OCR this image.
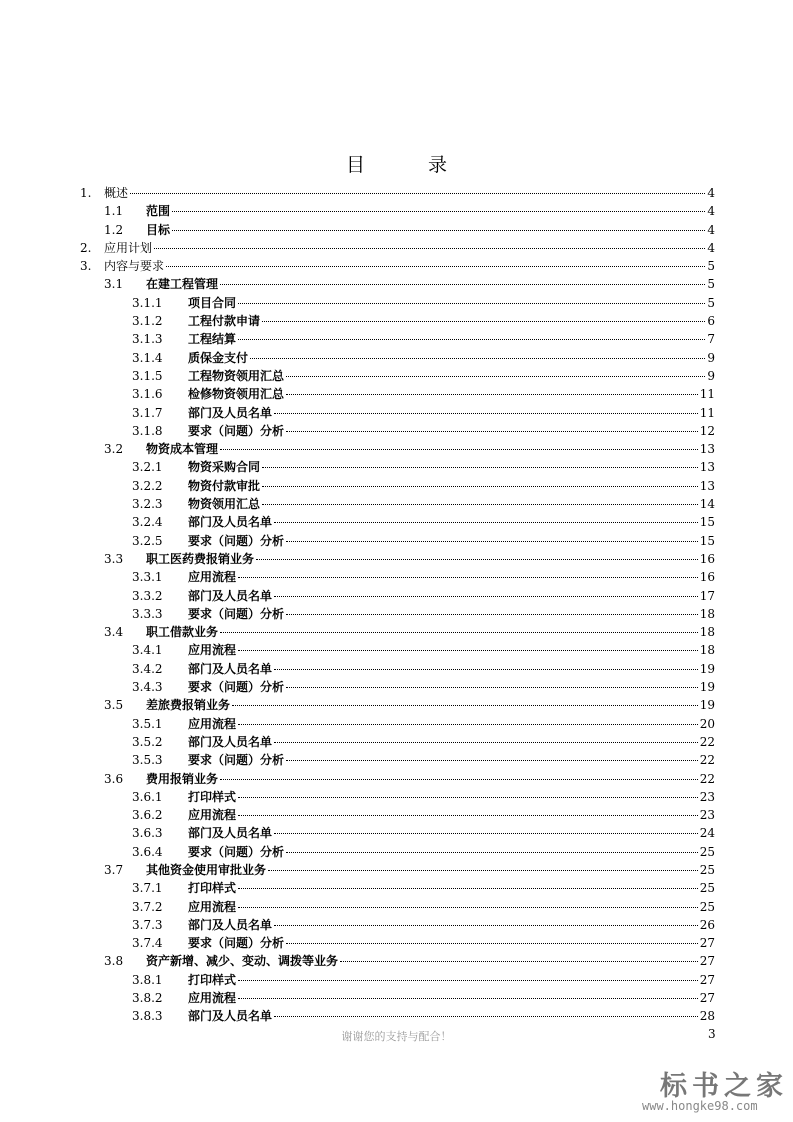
目　录
1. 概述	4
1.1 范围	4
1.2 目标	4
2. 应用计划	4
3. 内容与要求	5
3.1 在建工程管理	5
3.1.1 项目合同	5
3.1.2 工程付款申请	6
3.1.3 工程结算	7
3.1.4 质保金支付	9
3.1.5 工程物资领用汇总	9
3.1.6 检修物资领用汇总	11
3.1.7 部门及人员名单	11
3.1.8 要求（问题）分析	12
3.2 物资成本管理	13
3.2.1 物资采购合同	13
3.2.2 物资付款审批	13
3.2.3 物资领用汇总	14
3.2.4 部门及人员名单	15
3.2.5 要求（问题）分析	15
3.3 职工医药费报销业务	16
3.3.1 应用流程	16
3.3.2 部门及人员名单	17
3.3.3 要求（问题）分析	18
3.4 职工借款业务	18
3.4.1 应用流程	18
3.4.2 部门及人员名单	19
3.4.3 要求（问题）分析	19
3.5 差旅费报销业务	19
3.5.1 应用流程	20
3.5.2 部门及人员名单	22
3.5.3 要求（问题）分析	22
3.6 费用报销业务	22
3.6.1 打印样式	23
3.6.2 应用流程	23
3.6.3 部门及人员名单	24
3.6.4 要求（问题）分析	25
3.7 其他资金使用审批业务	25
3.7.1 打印样式	25
3.7.2 应用流程	25
3.7.3 部门及人员名单	26
3.7.4 要求（问题）分析	27
3.8 资产新增、减少、变动、调拨等业务	27
3.8.1 打印样式	27
3.8.2 应用流程	27
3.8.3 部门及人员名单	28
谢谢您的支持与配合！	3
标书之家
www.hongke98.com
